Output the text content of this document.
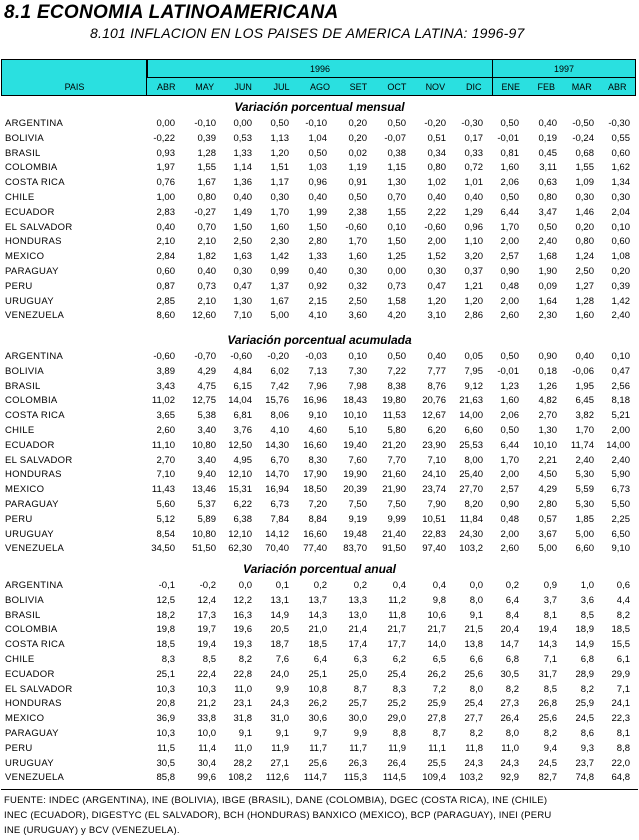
8.1 ECONOMIA LATINOAMERICANA
8.101 INFLACION EN LOS PAISES DE AMERICA LATINA: 1996-97
1996	1997
PAIS	ABR	MAY	JUN	JUL	AGO	SET	OCT	NOV	DIC	ENE	FEB	MAR	ABR
Variación porcentual mensual
ARGENTINA	0,00	-0,10	0,00	0,50	-0,10	0,20	0,50	-0,20	-0,30	0,50	0,40	-0,50	-0,30
BOLIVIA	-0,22	0,39	0,53	1,13	1,04	0,20	-0,07	0,51	0,17	-0,01	0,19	-0,24	0,55
BRASIL	0,93	1,28	1,33	1,20	0,50	0,02	0,38	0,34	0,33	0,81	0,45	0,68	0,60
COLOMBIA	1,97	1,55	1,14	1,51	1,03	1,19	1,15	0,80	0,72	1,60	3,11	1,55	1,62
COSTA RICA	0,76	1,67	1,36	1,17	0,96	0,91	1,30	1,02	1,01	2,06	0,63	1,09	1,34
CHILE	1,00	0,80	0,40	0,30	0,40	0,50	0,70	0,40	0,40	0,50	0,80	0,30	0,30
ECUADOR	2,83	-0,27	1,49	1,70	1,99	2,38	1,55	2,22	1,29	6,44	3,47	1,46	2,04
EL SALVADOR	0,40	0,70	1,50	1,60	1,50	-0,60	0,10	-0,60	0,96	1,70	0,50	0,20	0,10
HONDURAS	2,10	2,10	2,50	2,30	2,80	1,70	1,50	2,00	1,10	2,00	2,40	0,80	0,60
MEXICO	2,84	1,82	1,63	1,42	1,33	1,60	1,25	1,52	3,20	2,57	1,68	1,24	1,08
PARAGUAY	0,60	0,40	0,30	0,99	0,40	0,30	0,00	0,30	0,37	0,90	1,90	2,50	0,20
PERU	0,87	0,73	0,47	1,37	0,92	0,32	0,73	0,47	1,21	0,48	0,09	1,27	0,39
URUGUAY	2,85	2,10	1,30	1,67	2,15	2,50	1,58	1,20	1,20	2,00	1,64	1,28	1,42
VENEZUELA	8,60	12,60	7,10	5,00	4,10	3,60	4,20	3,10	2,86	2,60	2,30	1,60	2,40
Variación porcentual acumulada
ARGENTINA	-0,60	-0,70	-0,60	-0,20	-0,03	0,10	0,50	0,40	0,05	0,50	0,90	0,40	0,10
BOLIVIA	3,89	4,29	4,84	6,02	7,13	7,30	7,22	7,77	7,95	-0,01	0,18	-0,06	0,47
BRASIL	3,43	4,75	6,15	7,42	7,96	7,98	8,38	8,76	9,12	1,23	1,26	1,95	2,56
COLOMBIA	11,02	12,75	14,04	15,76	16,96	18,43	19,80	20,76	21,63	1,60	4,82	6,45	8,18
COSTA RICA	3,65	5,38	6,81	8,06	9,10	10,10	11,53	12,67	14,00	2,06	2,70	3,82	5,21
CHILE	2,60	3,40	3,76	4,10	4,60	5,10	5,80	6,20	6,60	0,50	1,30	1,70	2,00
ECUADOR	11,10	10,80	12,50	14,30	16,60	19,40	21,20	23,90	25,53	6,44	10,10	11,74	14,00
EL SALVADOR	2,70	3,40	4,95	6,70	8,30	7,60	7,70	7,10	8,00	1,70	2,21	2,40	2,40
HONDURAS	7,10	9,40	12,10	14,70	17,90	19,90	21,60	24,10	25,40	2,00	4,50	5,30	5,90
MEXICO	11,43	13,46	15,31	16,94	18,50	20,39	21,90	23,74	27,70	2,57	4,29	5,59	6,73
PARAGUAY	5,60	5,37	6,22	6,73	7,20	7,50	7,50	7,90	8,20	0,90	2,80	5,30	5,50
PERU	5,12	5,89	6,38	7,84	8,84	9,19	9,99	10,51	11,84	0,48	0,57	1,85	2,25
URUGUAY	8,54	10,80	12,10	14,12	16,60	19,48	21,40	22,83	24,30	2,00	3,67	5,00	6,50
VENEZUELA	34,50	51,50	62,30	70,40	77,40	83,70	91,50	97,40	103,2	2,60	5,00	6,60	9,10
Variación porcentual anual
ARGENTINA	-0,1	-0,2	0,0	0,1	0,2	0,2	0,4	0,4	0,0	0,2	0,9	1,0	0,6
BOLIVIA	12,5	12,4	12,2	13,1	13,7	13,3	11,2	9,8	8,0	6,4	3,7	3,6	4,4
BRASIL	18,2	17,3	16,3	14,9	14,3	13,0	11,8	10,6	9,1	8,4	8,1	8,5	8,2
COLOMBIA	19,8	19,7	19,6	20,5	21,0	21,4	21,7	21,7	21,5	20,4	19,4	18,9	18,5
COSTA RICA	18,5	19,4	19,3	18,7	18,5	17,4	17,7	14,0	13,8	14,7	14,3	14,9	15,5
CHILE	8,3	8,5	8,2	7,6	6,4	6,3	6,2	6,5	6,6	6,8	7,1	6,8	6,1
ECUADOR	25,1	22,4	22,8	24,0	25,1	25,0	25,4	26,2	25,6	30,5	31,7	28,9	29,9
EL SALVADOR	10,3	10,3	11,0	9,9	10,8	8,7	8,3	7,2	8,0	8,2	8,5	8,2	7,1
HONDURAS	20,8	21,2	23,1	24,3	26,2	25,7	25,2	25,9	25,4	27,3	26,8	25,9	24,1
MEXICO	36,9	33,8	31,8	31,0	30,6	30,0	29,0	27,8	27,7	26,4	25,6	24,5	22,3
PARAGUAY	10,3	10,0	9,1	9,1	9,7	9,9	8,8	8,7	8,2	8,0	8,2	8,6	8,1
PERU	11,5	11,4	11,0	11,9	11,7	11,7	11,9	11,1	11,8	11,0	9,4	9,3	8,8
URUGUAY	30,5	30,4	28,2	27,1	25,6	26,3	26,4	25,5	24,3	24,3	24,5	23,7	22,0
VENEZUELA	85,8	99,6	108,2	112,6	114,7	115,3	114,5	109,4	103,2	92,9	82,7	74,8	64,8
FUENTE: INDEC (ARGENTINA), INE (BOLIVIA), IBGE (BRASIL), DANE (COLOMBIA), DGEC (COSTA RICA), INE (CHILE)
INEC (ECUADOR), DIGESTYC (EL SALVADOR), BCH (HONDURAS) BANXICO (MEXICO), BCP (PARAGUAY), INEI (PERU
INE (URUGUAY) y BCV (VENEZUELA).
